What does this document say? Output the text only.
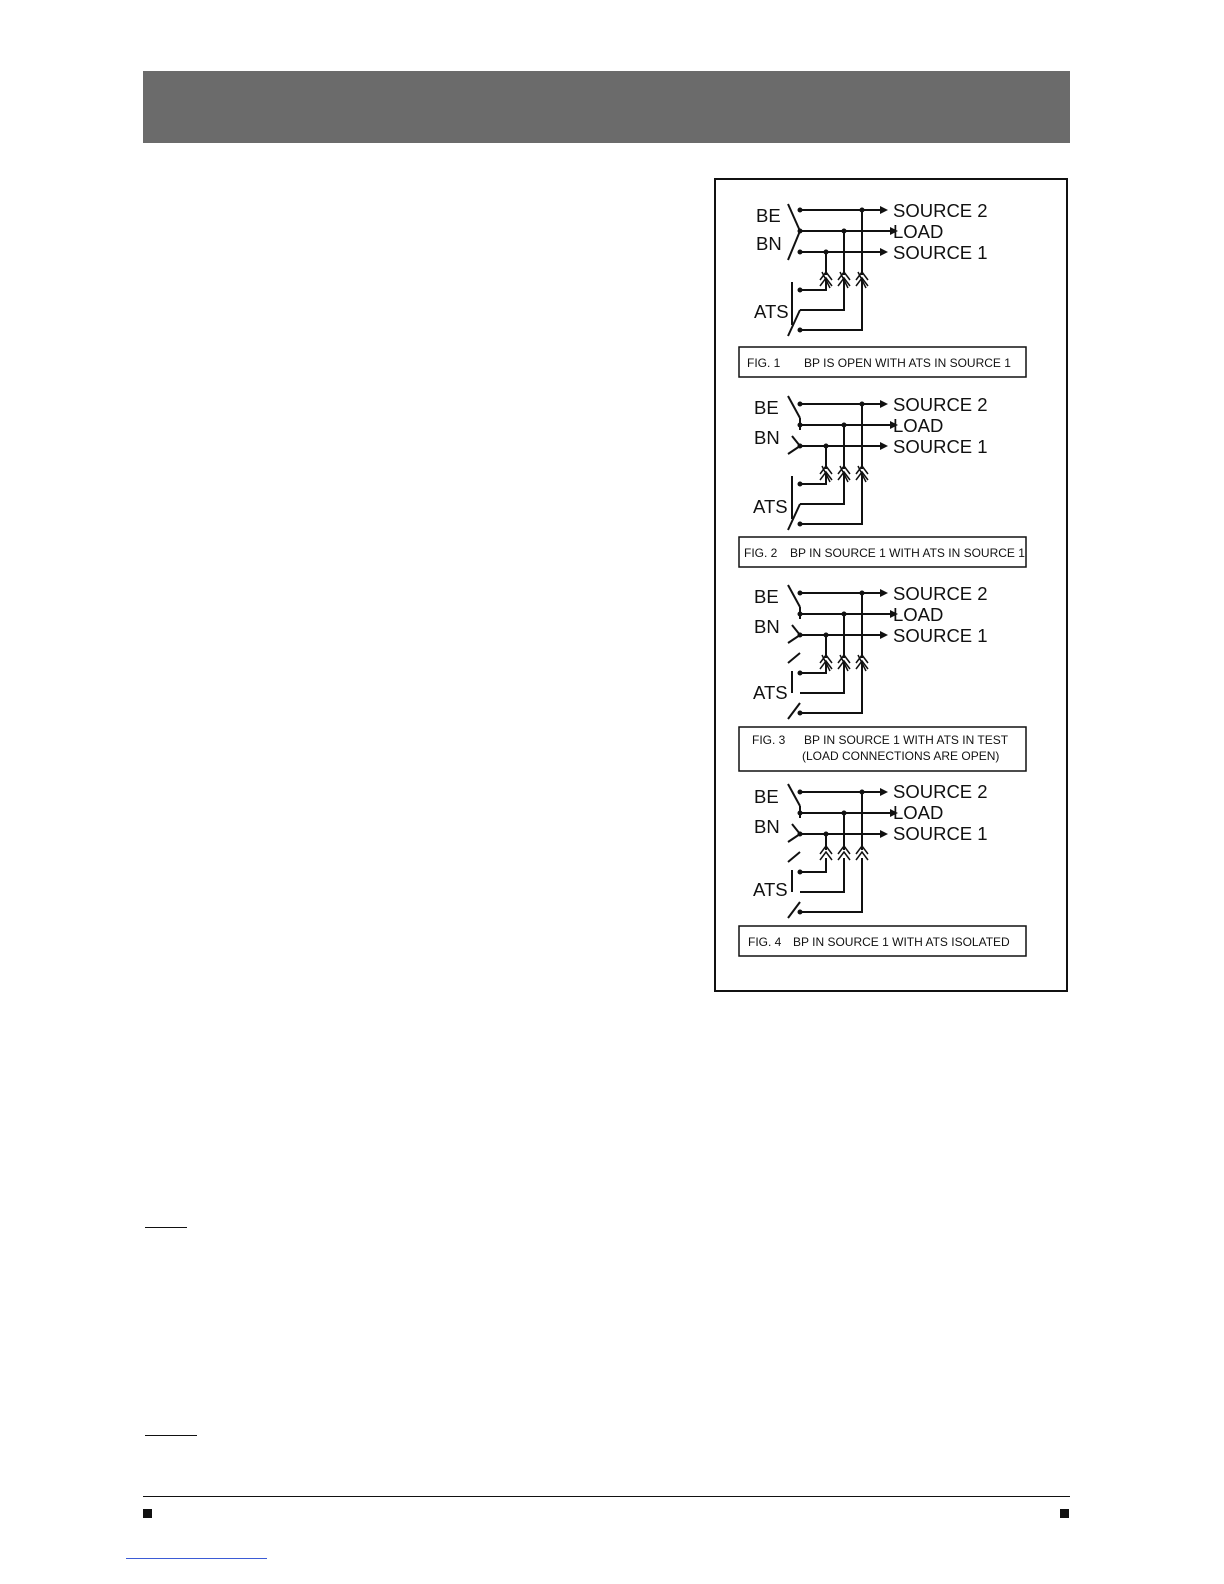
BE
BN
ATS
SOURCE 2
LOAD
SOURCE 1
FIG. 1 BP IS OPEN WITH ATS IN SOURCE 1
BE
BN
ATS
SOURCE 2
LOAD
SOURCE 1
FIG. 2 BP IN SOURCE 1 WITH ATS IN SOURCE 1
BE
BN
ATS
SOURCE 2
LOAD
SOURCE 1
FIG. 3 BP IN SOURCE 1 WITH ATS IN TEST
(LOAD CONNECTIONS ARE OPEN)
BE
BN
ATS
SOURCE 2
LOAD
SOURCE 1
FIG. 4 BP IN SOURCE 1 WITH ATS ISOLATED
